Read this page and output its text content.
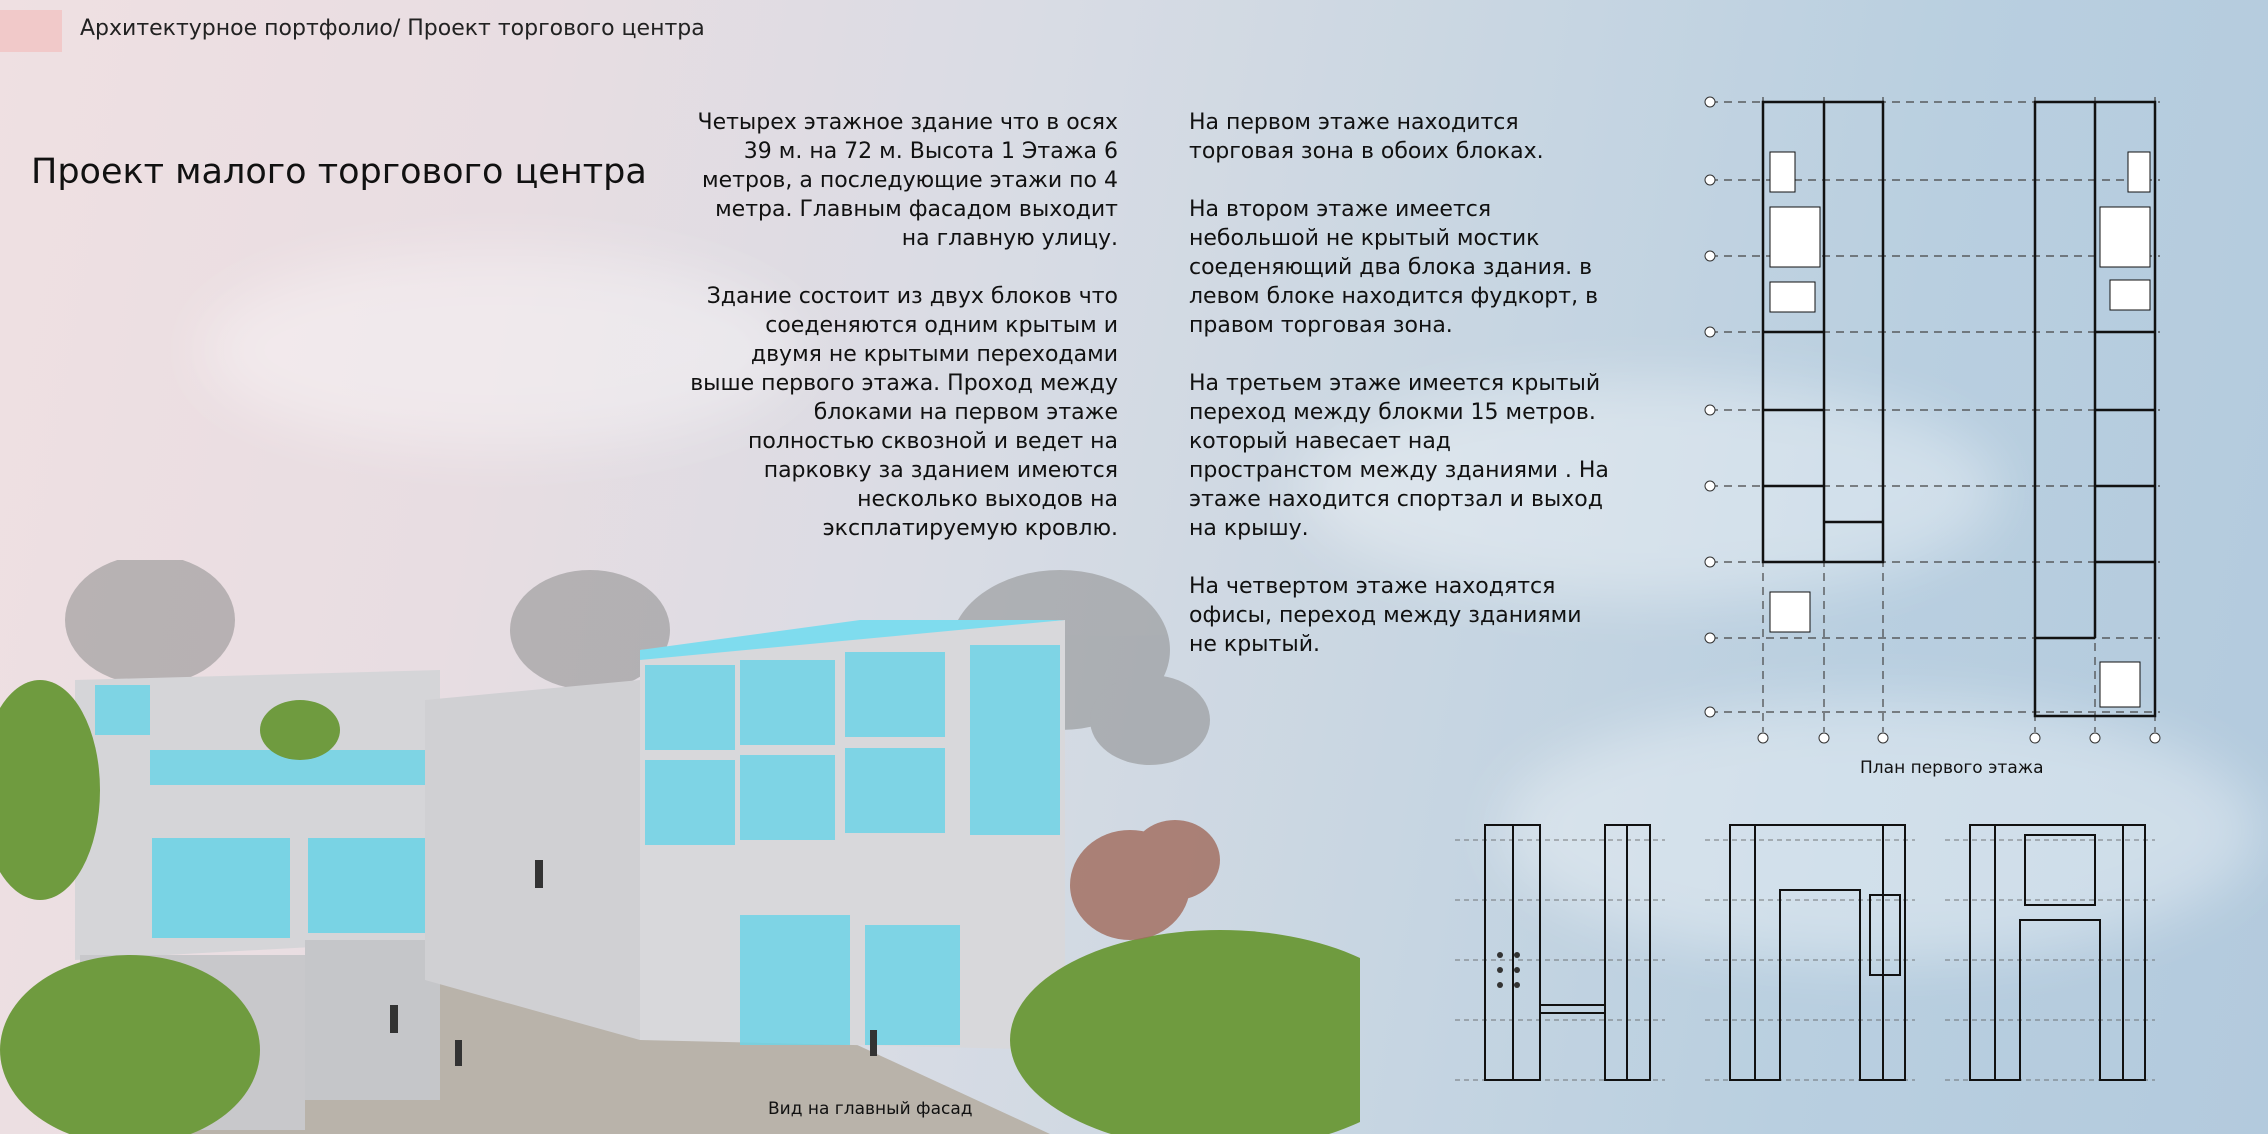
Архитектурное портфолио/ Проект торгового центра
Проект малого торгового центра

Четырех этажное здание что в осях 39 м. на 72 м. Высота 1 Этажа 6 метров, а последующие этажи по 4 метра. Главным фасадом выходит на главную улицу.

Здание состоит из двух блоков что соеденяются одним крытым и двумя не крытыми переходами выше первого этажа. Проход между блоками на первом этаже полностью сквозной и ведет на парковку за зданием имеются несколько выходов на эксплатируемую кровлю.

На первом этаже находится торговая зона в обоих блоках.

На втором этаже имеется небольшой не крытый мостик соеденяющий два блока здания. в левом блоке находится фудкорт, в правом торговая зона.

На третьем этаже имеется крытый переход между блокми 15 метров. который навесает над пространстом между зданиями . На этаже находится спортзал и выход на крышу.

На четвертом этаже находятся офисы, переход между зданиями не крытый.

План первого этажа
Вид на главный фасад
